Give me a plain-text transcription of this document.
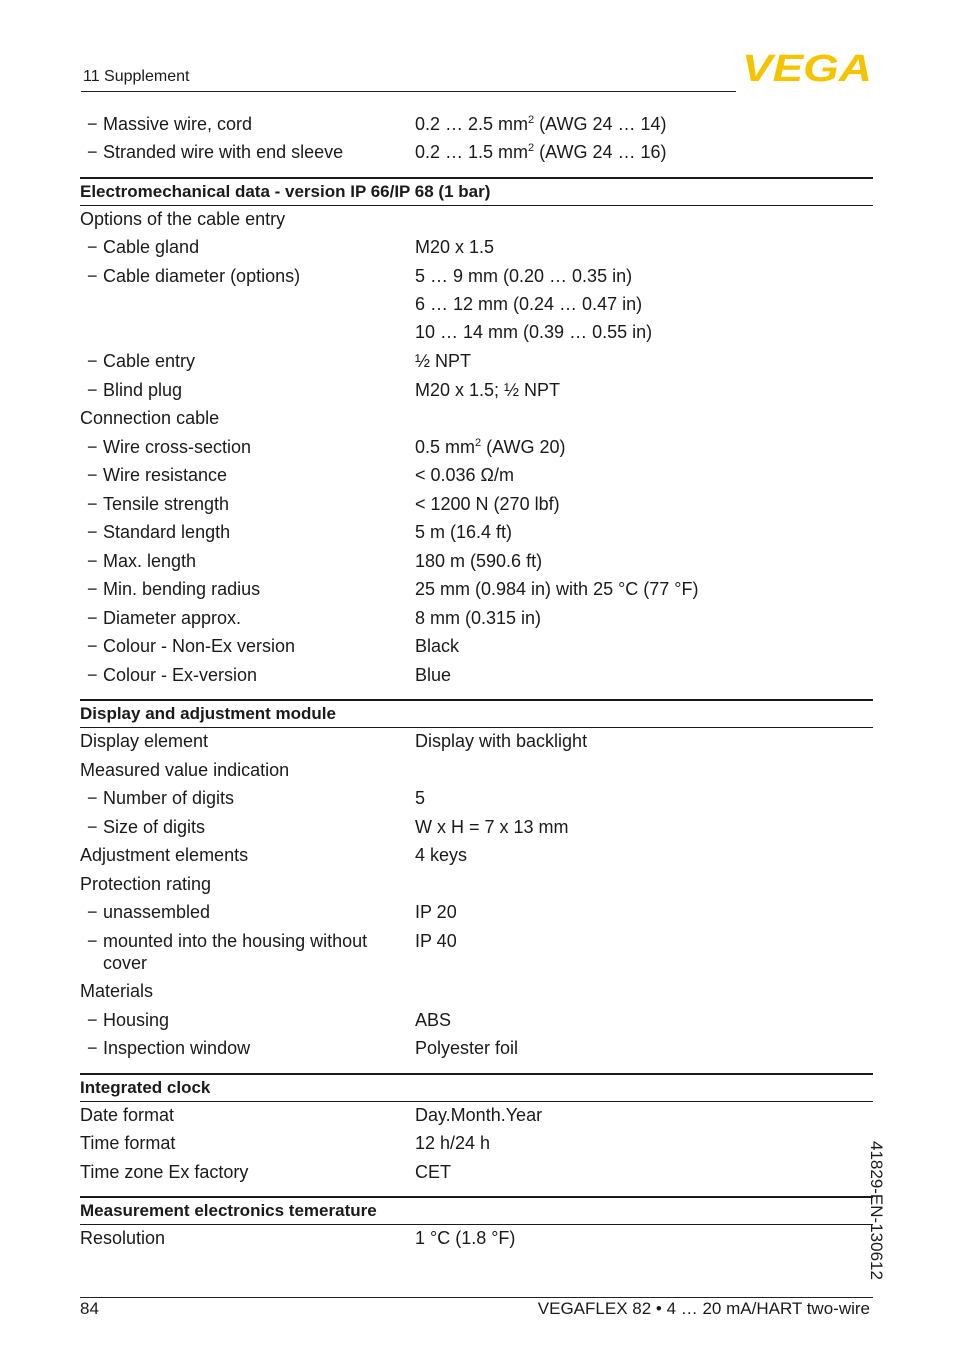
11 Supplement	VEGA
− Massive wire, cord	0.2 … 2.5 $mm^2$ (AWG 24 … 14)
− Stranded wire with end sleeve	0.2 … 1.5 $mm^2$ (AWG 24 … 16)
Electromechanical data - version IP 66/IP 68 (1 bar)
Options of the cable entry
− Cable gland	M20 x 1.5
− Cable diameter (options)	5 … 9 mm (0.20 … 0.35 in)
6 … 12 mm (0.24 … 0.47 in)
10 … 14 mm (0.39 … 0.55 in)
− Cable entry	½ NPT
− Blind plug	M20 x 1.5; ½ NPT
Connection cable
− Wire cross-section	0.5 $mm^2$ (AWG 20)
− Wire resistance	< 0.036 Ω/m
− Tensile strength	< 1200 N (270 lbf)
− Standard length	5 m (16.4 ft)
− Max. length	180 m (590.6 ft)
− Min. bending radius	25 mm (0.984 in) with 25 °C (77 °F)
− Diameter approx.	8 mm (0.315 in)
− Colour - Non-Ex version	Black
− Colour - Ex-version	Blue
Display and adjustment module
Display element	Display with backlight
Measured value indication
− Number of digits	5
− Size of digits	W x H = 7 x 13 mm
Adjustment elements	4 keys
Protection rating
− unassembled	IP 20
− mounted into the housing without	IP 40
cover
Materials
− Housing	ABS
− Inspection window	Polyester foil
Integrated clock
Date format	Day.Month.Year
Time format	12 h/24 h
Time zone Ex factory	CET
Measurement electronics temerature
Resolution	1 °C (1.8 °F)	41829-EN-130612
84	VEGAFLEX 82 • 4 … 20 mA/HART two-wire
